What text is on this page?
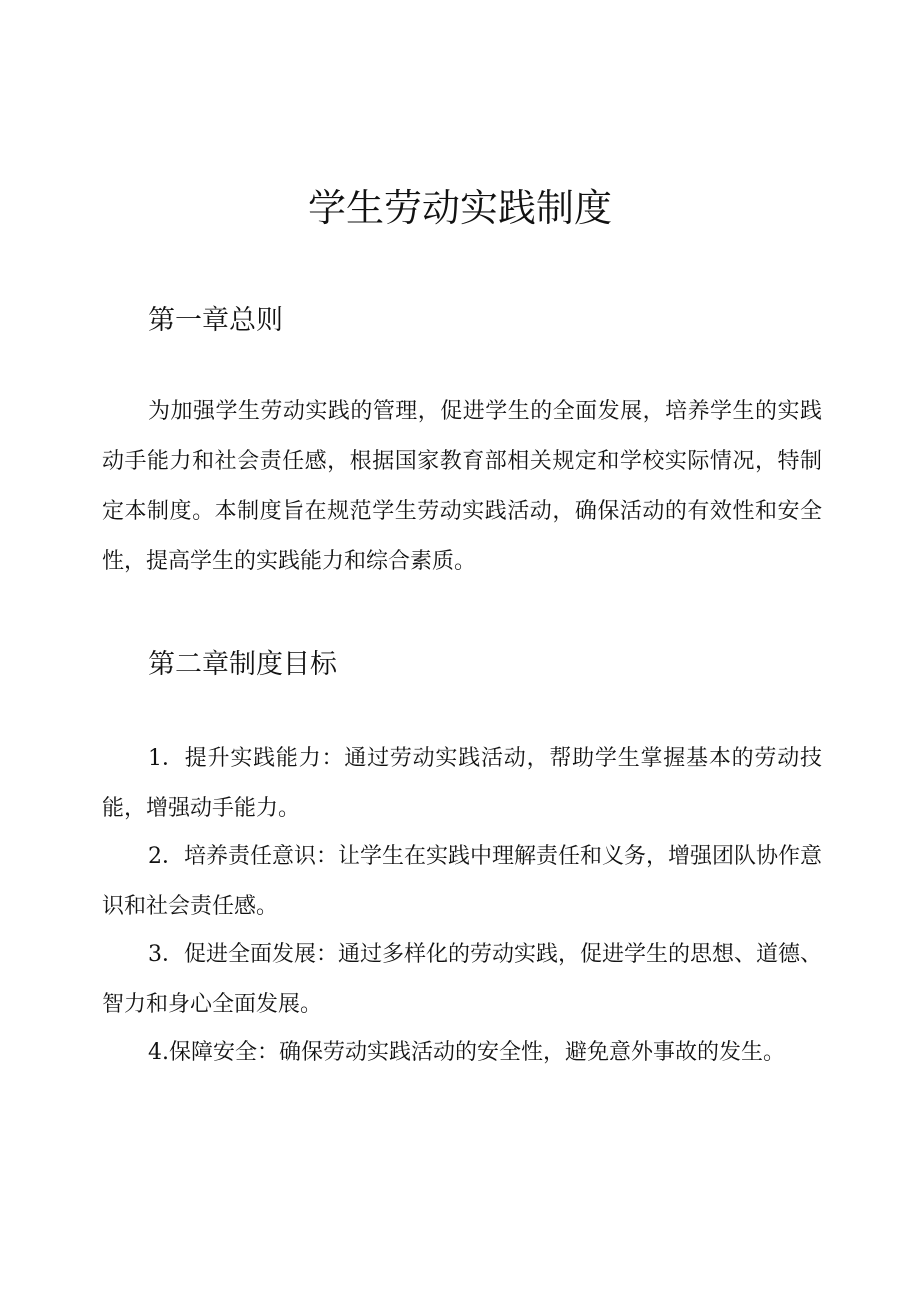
学生劳动实践制度
第一章总则

为加强学生劳动实践的管理，促进学生的全面发展，培养学生的实践动手能力和社会责任感，根据国家教育部相关规定和学校实际情况，特制定本制度。本制度旨在规范学生劳动实践活动，确保活动的有效性和安全性，提高学生的实践能力和综合素质。

第二章制度目标

1．提升实践能力：通过劳动实践活动，帮助学生掌握基本的劳动技能，增强动手能力。

2．培养责任意识：让学生在实践中理解责任和义务，增强团队协作意识和社会责任感。

3．促进全面发展：通过多样化的劳动实践，促进学生的思想、道德、智力和身心全面发展。

4.保障安全：确保劳动实践活动的安全性，避免意外事故的发生。
